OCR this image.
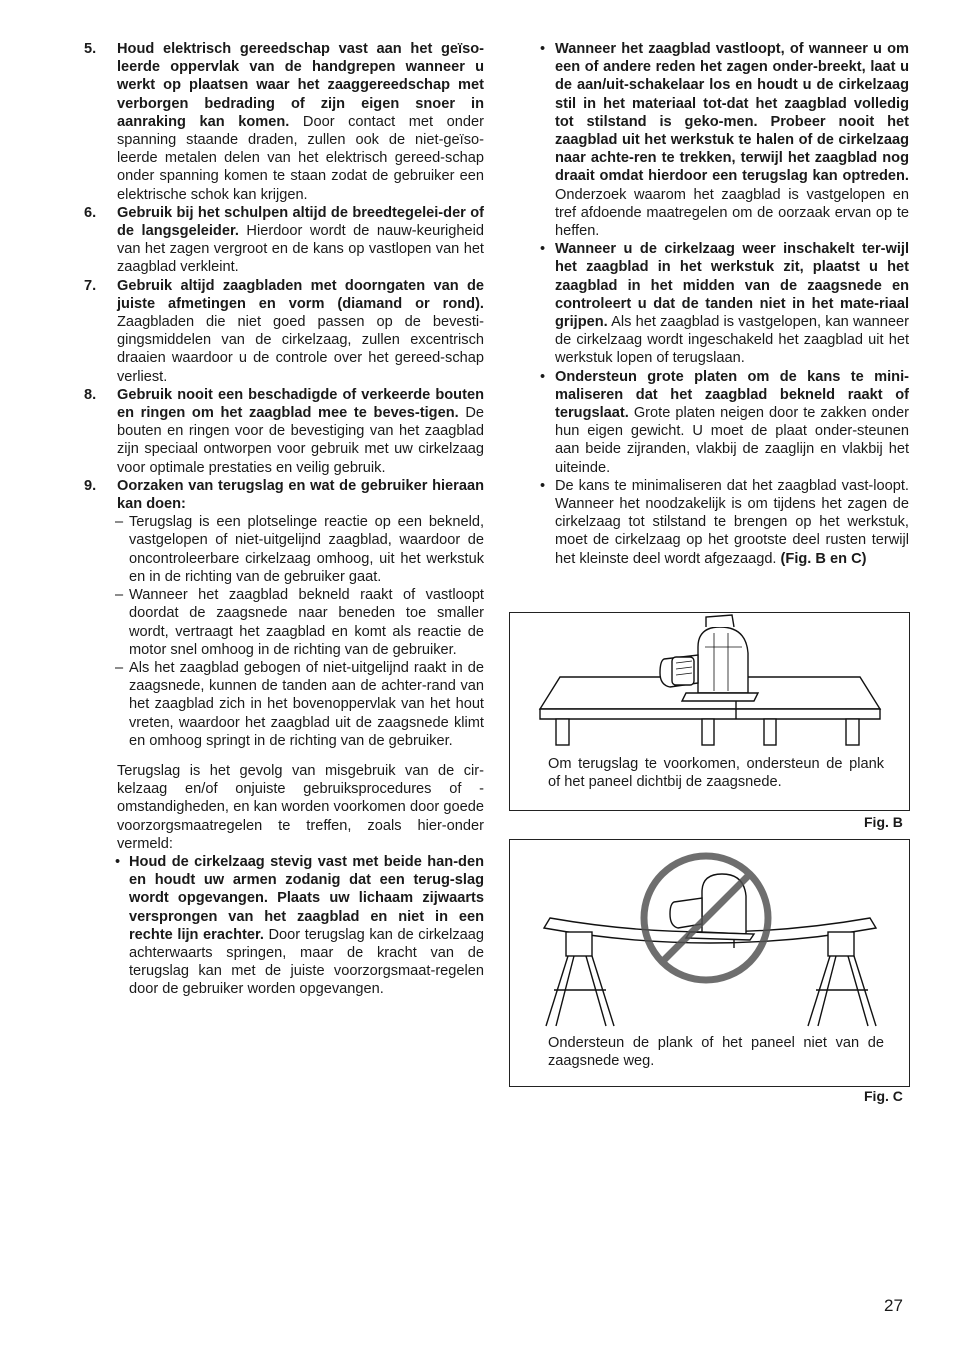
5. Houd elektrisch gereedschap vast aan het geïso-leerde oppervlak van de handgrepen wanneer u werkt op plaatsen waar het zaaggereedschap met verborgen bedrading of zijn eigen snoer in aanraking kan komen. Door contact met onder spanning staande draden, zullen ook de niet-geïso-leerde metalen delen van het elektrisch gereed-schap onder spanning komen te staan zodat de gebruiker een elektrische schok kan krijgen.

6. Gebruik bij het schulpen altijd de breedtegelei-der of de langsgeleider. Hierdoor wordt de nauw-keurigheid van het zagen vergroot en de kans op vastlopen van het zaagblad verkleint.

7. Gebruik altijd zaagbladen met doorngaten van de juiste afmetingen en vorm (diamand or rond). Zaagbladen die niet goed passen op de bevesti-gingsmiddelen van de cirkelzaag, zullen excentrisch draaien waardoor u de controle over het gereed-schap verliest.

8. Gebruik nooit een beschadigde of verkeerde bouten en ringen om het zaagblad mee te beves-tigen. De bouten en ringen voor de bevestiging van het zaagblad zijn speciaal ontworpen voor gebruik met uw cirkelzaag voor optimale prestaties en veilig gebruik.

9. Oorzaken van terugslag en wat de gebruiker hieraan kan doen:

– Terugslag is een plotselinge reactie op een bekneld, vastgelopen of niet-uitgelijnd zaagblad, waardoor de oncontroleerbare cirkelzaag omhoog, uit het werkstuk en in de richting van de gebruiker gaat.

– Wanneer het zaagblad bekneld raakt of vastloopt doordat de zaagsnede naar beneden toe smaller wordt, vertraagt het zaagblad en komt als reactie de motor snel omhoog in de richting van de gebruiker.

– Als het zaagblad gebogen of niet-uitgelijnd raakt in de zaagsnede, kunnen de tanden aan de achter-rand van het zaagblad zich in het bovenoppervlak van het hout vreten, waardoor het zaagblad uit de zaagsnede klimt en omhoog springt in de richting van de gebruiker.

Terugslag is het gevolg van misgebruik van de cir-kelzaag en/of onjuiste gebruiksprocedures of -omstandigheden, en kan worden voorkomen door goede voorzorgsmaatregelen te treffen, zoals hier-onder vermeld:

• Houd de cirkelzaag stevig vast met beide han-den en houdt uw armen zodanig dat een terug-slag wordt opgevangen. Plaats uw lichaam zijwaarts versprongen van het zaagblad en niet in een rechte lijn erachter. Door terugslag kan de cirkelzaag achterwaarts springen, maar de kracht van de terugslag kan met de juiste voorzorgsmaat-regelen door de gebruiker worden opgevangen.

• Wanneer het zaagblad vastloopt, of wanneer u om een of andere reden het zagen onder-breekt, laat u de aan/uit-schakelaar los en houdt u de cirkelzaag stil in het materiaal tot-dat het zaagblad volledig tot stilstand is geko-men. Probeer nooit het zaagblad uit het werkstuk te halen of de cirkelzaag naar achte-ren te trekken, terwijl het zaagblad nog draait omdat hierdoor een terugslag kan optreden. Onderzoek waarom het zaagblad is vastgelopen en tref afdoende maatregelen om de oorzaak ervan op te heffen.

• Wanneer u de cirkelzaag weer inschakelt ter-wijl het zaagblad in het werkstuk zit, plaatst u het zaagblad in het midden van de zaagsnede en controleert u dat de tanden niet in het mate-riaal grijpen. Als het zaagblad is vastgelopen, kan wanneer de cirkelzaag wordt ingeschakeld het zaagblad uit het werkstuk lopen of terugslaan.

• Ondersteun grote platen om de kans te mini-maliseren dat het zaagblad bekneld raakt of terugslaat. Grote platen neigen door te zakken onder hun eigen gewicht. U moet de plaat onder-steunen aan beide zijranden, vlakbij de zaaglijn en vlakbij het uiteinde.

• De kans te minimaliseren dat het zaagblad vast-loopt. Wanneer het noodzakelijk is om tijdens het zagen de cirkelzaag tot stilstand te brengen op het werkstuk, moet de cirkelzaag op het grootste deel rusten terwijl het kleinste deel wordt afgezaagd. (Fig. B en C)

Om terugslag te voorkomen, ondersteun de plank of het paneel dichtbij de zaagsnede.

Fig. B

Ondersteun de plank of het paneel niet van de zaagsnede weg.

Fig. C
27
